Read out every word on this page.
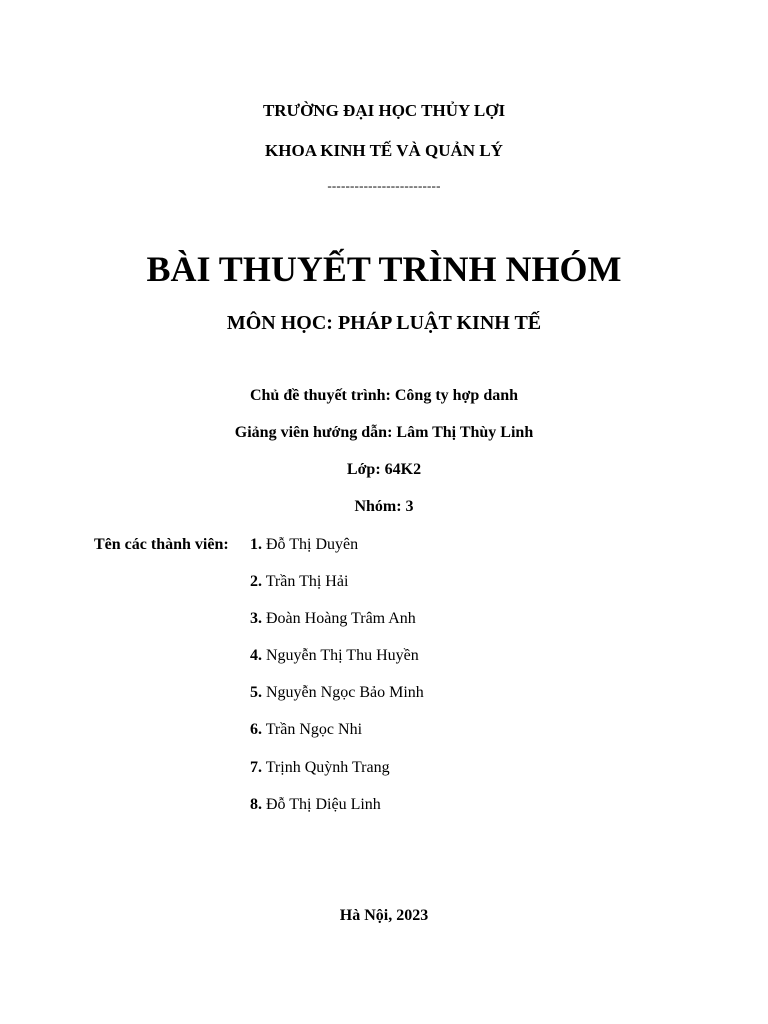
TRƯỜNG ĐẠI HỌC THỦY LỢI
KHOA KINH TẾ VÀ QUẢN LÝ
-------------------------
BÀI THUYẾT TRÌNH NHÓM
MÔN HỌC: PHÁP LUẬT KINH TẾ
Chủ đề thuyết trình: Công ty hợp danh
Giảng viên hướng dẫn: Lâm Thị Thùy Linh
Lớp: 64K2
Nhóm: 3
Tên các thành viên: 1. Đỗ Thị Duyên
2. Trần Thị Hải
3. Đoàn Hoàng Trâm Anh
4. Nguyễn Thị Thu Huyền
5. Nguyễn Ngọc Bảo Minh
6. Trần Ngọc Nhi
7. Trịnh Quỳnh Trang
8. Đỗ Thị Diệu Linh
Hà Nội, 2023
